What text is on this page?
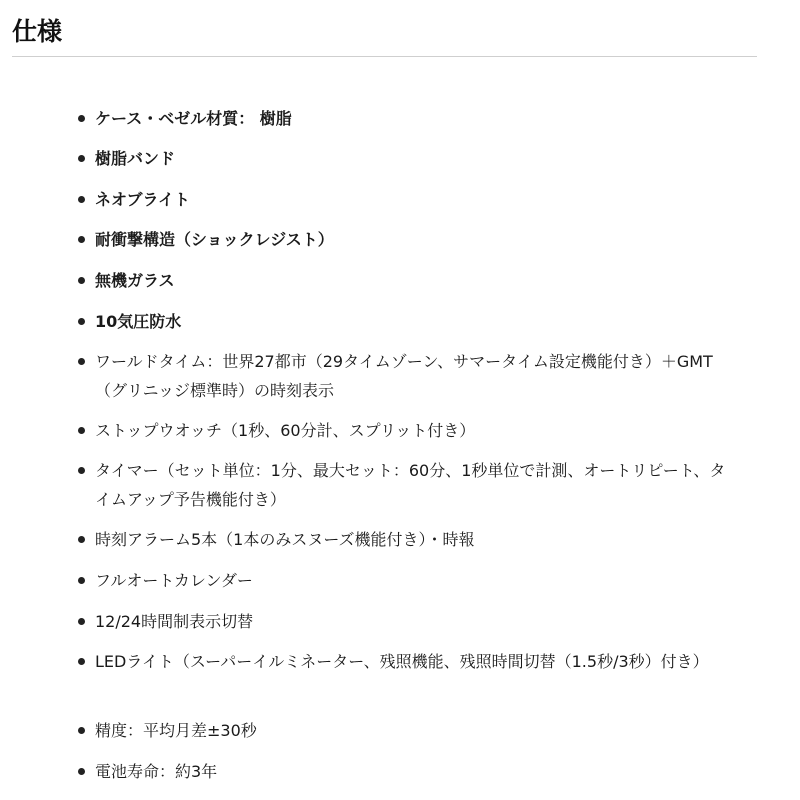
仕様
ケース・ベゼル材質： 樹脂
樹脂バンド
ネオブライト
耐衝撃構造（ショックレジスト）
無機ガラス
10気圧防水
ワールドタイム：世界27都市（29タイムゾーン、サマータイム設定機能付き）＋GMT（グリニッジ標準時）の時刻表示
ストップウオッチ（1秒、60分計、スプリット付き）
タイマー（セット単位：1分、最大セット：60分、1秒単位で計測、オートリピート、タイムアップ予告機能付き）
時刻アラーム5本（1本のみスヌーズ機能付き）・時報
フルオートカレンダー
12/24時間制表示切替
LEDライト（スーパーイルミネーター、残照機能、残照時間切替（1.5秒/3秒）付き）
精度：平均月差±30秒
電池寿命：約3年
